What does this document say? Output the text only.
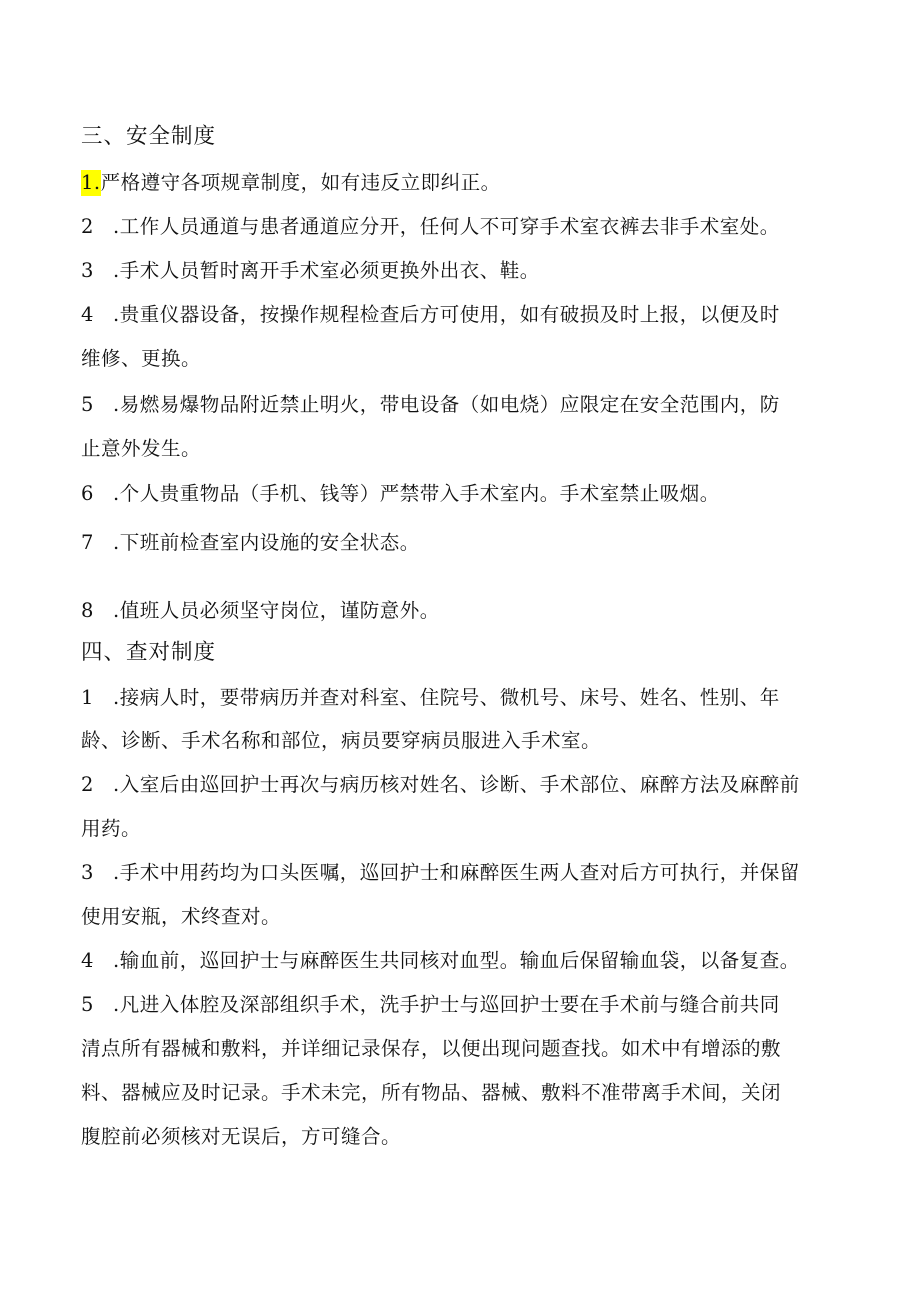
三、安全制度
1.严格遵守各项规章制度，如有违反立即纠正。
2 .工作人员通道与患者通道应分开，任何人不可穿手术室衣裤去非手术室处。
3 .手术人员暂时离开手术室必须更换外出衣、鞋。
4 .贵重仪器设备，按操作规程检查后方可使用，如有破损及时上报，以便及时
维修、更换。
5 .易燃易爆物品附近禁止明火，带电设备（如电烧）应限定在安全范围内，防
止意外发生。
6 .个人贵重物品（手机、钱等）严禁带入手术室内。手术室禁止吸烟。
7 .下班前检查室内设施的安全状态。
8 .值班人员必须坚守岗位，谨防意外。
四、查对制度
1 .接病人时，要带病历并查对科室、住院号、微机号、床号、姓名、性别、年
龄、诊断、手术名称和部位，病员要穿病员服进入手术室。
2 .入室后由巡回护士再次与病历核对姓名、诊断、手术部位、麻醉方法及麻醉前
用药。
3 .手术中用药均为口头医嘱，巡回护士和麻醉医生两人查对后方可执行，并保留
使用安瓶，术终查对。
4 .输血前，巡回护士与麻醉医生共同核对血型。输血后保留输血袋，以备复查。
5 .凡进入体腔及深部组织手术，洗手护士与巡回护士要在手术前与缝合前共同
清点所有器械和敷料，并详细记录保存，以便出现问题查找。如术中有增添的敷
料、器械应及时记录。手术未完，所有物品、器械、敷料不准带离手术间，关闭
腹腔前必须核对无误后，方可缝合。
